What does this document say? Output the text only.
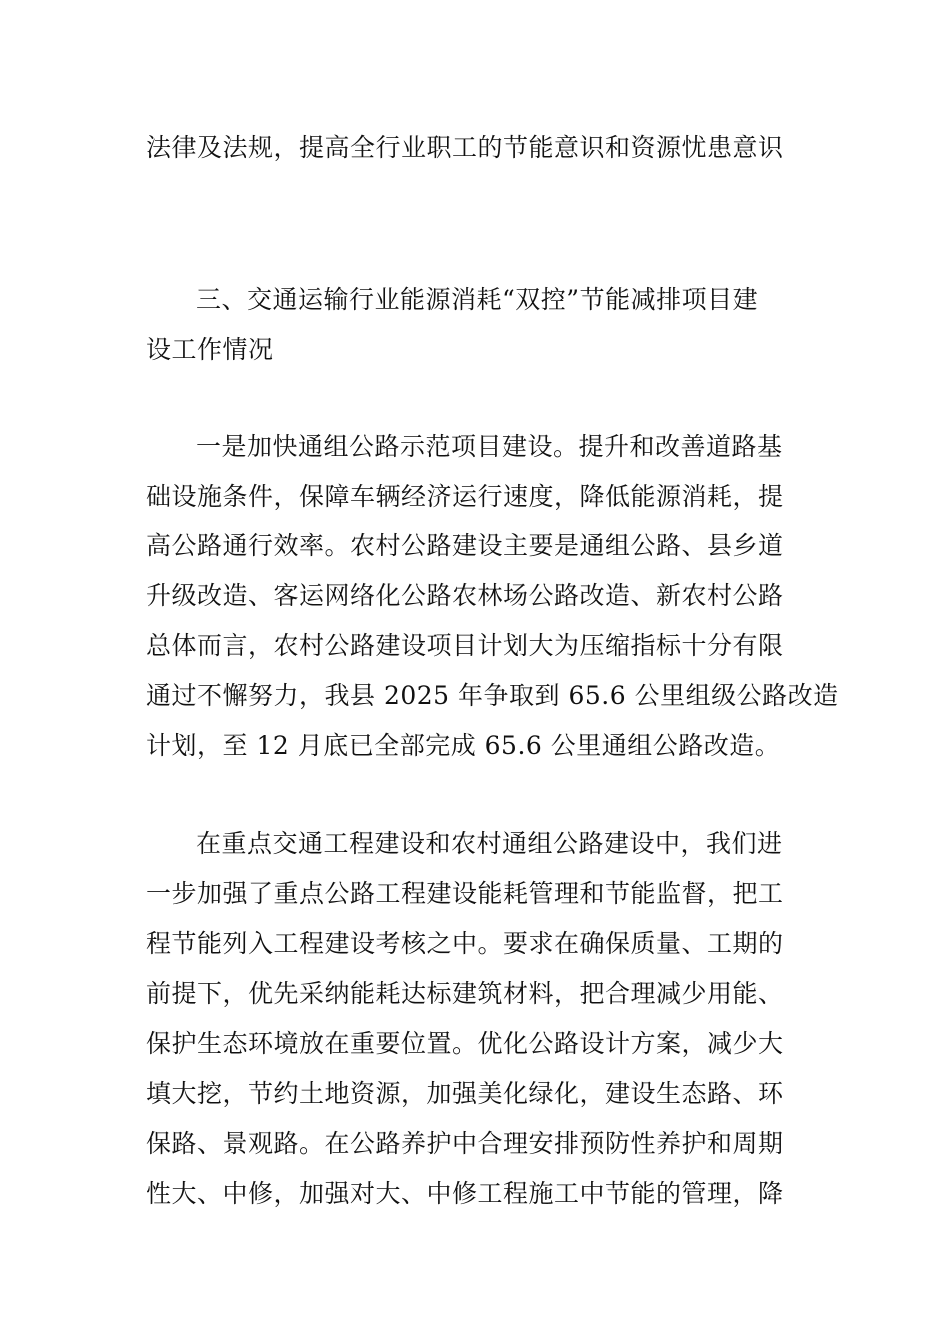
法律及法规，提高全行业职工的节能意识和资源忧患意识
三、交通运输行业能源消耗“双控”节能减排项目建
设工作情况
一是加快通组公路示范项目建设。提升和改善道路基
础设施条件，保障车辆经济运行速度，降低能源消耗，提
高公路通行效率。农村公路建设主要是通组公路、县乡道
升级改造、客运网络化公路农林场公路改造、新农村公路
总体而言，农村公路建设项目计划大为压缩指标十分有限
通过不懈努力，我县 2025 年争取到 65.6 公里组级公路改造
计划，至 12 月底已全部完成 65.6 公里通组公路改造。
在重点交通工程建设和农村通组公路建设中，我们进
一步加强了重点公路工程建设能耗管理和节能监督，把工
程节能列入工程建设考核之中。要求在确保质量、工期的
前提下，优先采纳能耗达标建筑材料，把合理减少用能、
保护生态环境放在重要位置。优化公路设计方案，减少大
填大挖，节约土地资源，加强美化绿化，建设生态路、环
保路、景观路。在公路养护中合理安排预防性养护和周期
性大、中修，加强对大、中修工程施工中节能的管理，降
